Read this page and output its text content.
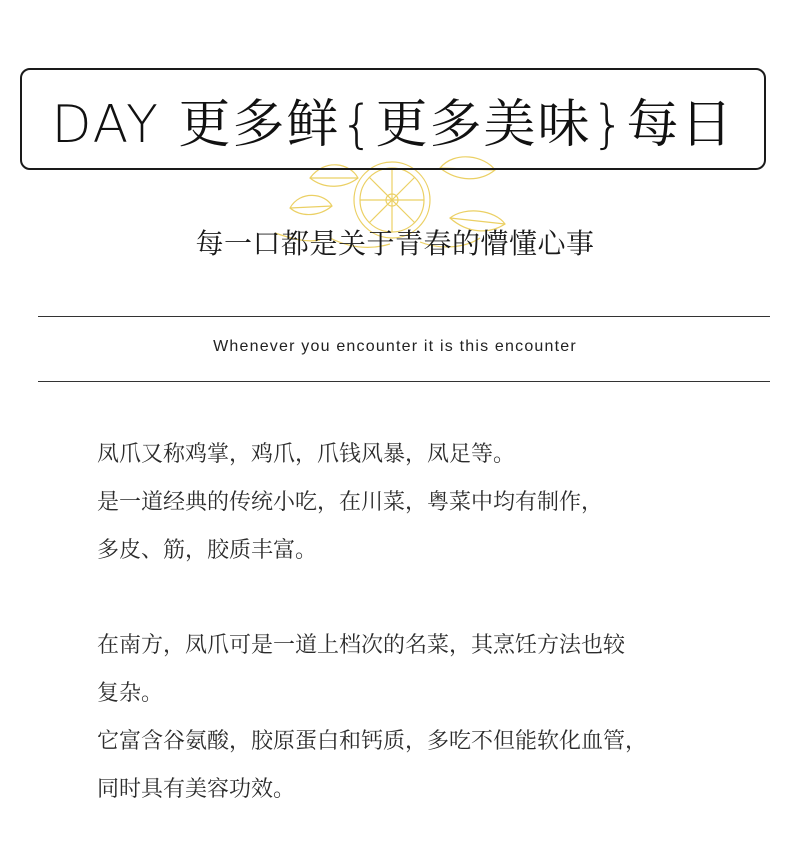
DAY 更多鲜{更多美味}每日
每一口都是关于青春的懵懂心事
Whenever you encounter it is this encounter
凤爪又称鸡掌，鸡爪，爪钱风暴，凤足等。
是一道经典的传统小吃，在川菜，粤菜中均有制作，
多皮、筋，胶质丰富。
在南方，凤爪可是一道上档次的名菜，其烹饪方法也较
复杂。
它富含谷氨酸，胶原蛋白和钙质，多吃不但能软化血管，
同时具有美容功效。
